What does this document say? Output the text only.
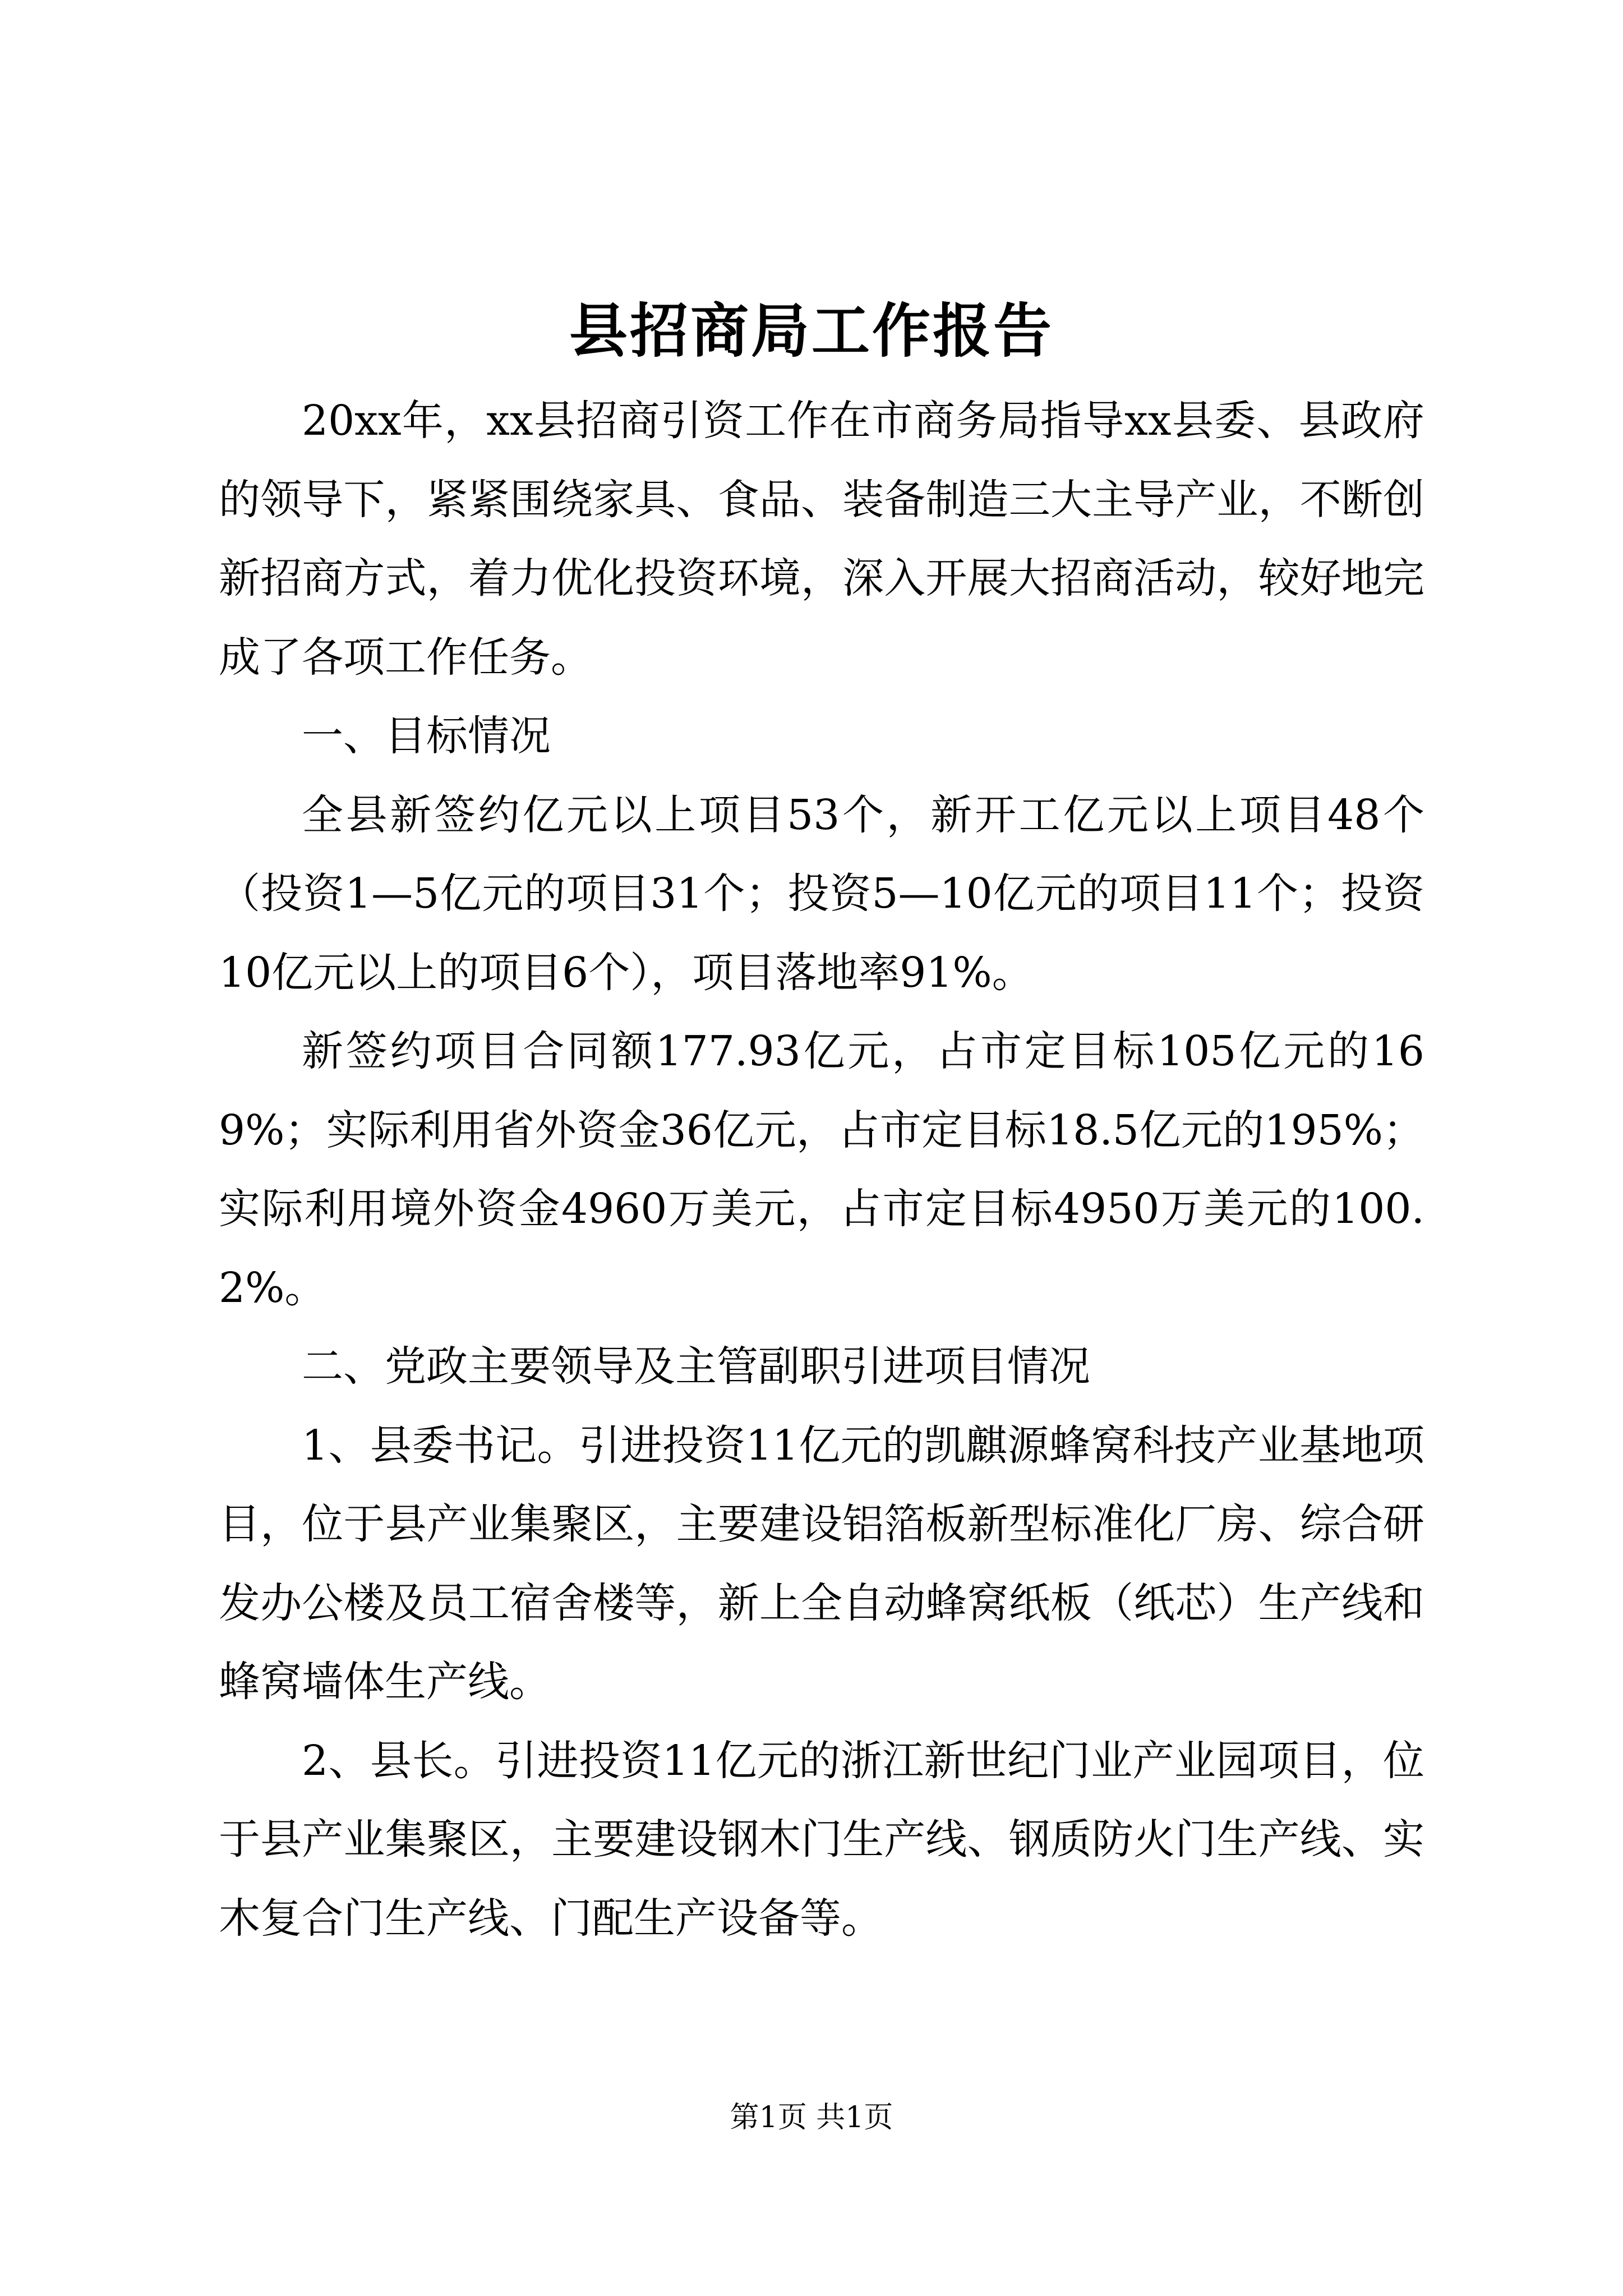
县招商局工作报告

20xx年，xx县招商引资工作在市商务局指导xx县委、县政府的领导下，紧紧围绕家具、食品、装备制造三大主导产业，不断创新招商方式，着力优化投资环境，深入开展大招商活动，较好地完成了各项工作任务。

一、目标情况

全县新签约亿元以上项目53个，新开工亿元以上项目48个（投资1—5亿元的项目31个；投资5—10亿元的项目11个；投资10亿元以上的项目6个），项目落地率91%。

新签约项目合同额177.93亿元，占市定目标105亿元的169%；实际利用省外资金36亿元，占市定目标18.5亿元的195%；实际利用境外资金4960万美元，占市定目标4950万美元的100.2%。

二、党政主要领导及主管副职引进项目情况

1、县委书记。引进投资11亿元的凯麒源蜂窝科技产业基地项目，位于县产业集聚区，主要建设铝箔板新型标准化厂房、综合研发办公楼及员工宿舍楼等，新上全自动蜂窝纸板（纸芯）生产线和蜂窝墙体生产线。

2、县长。引进投资11亿元的浙江新世纪门业产业园项目，位于县产业集聚区，主要建设钢木门生产线、钢质防火门生产线、实木复合门生产线、门配生产设备等。

第1页 共1页
